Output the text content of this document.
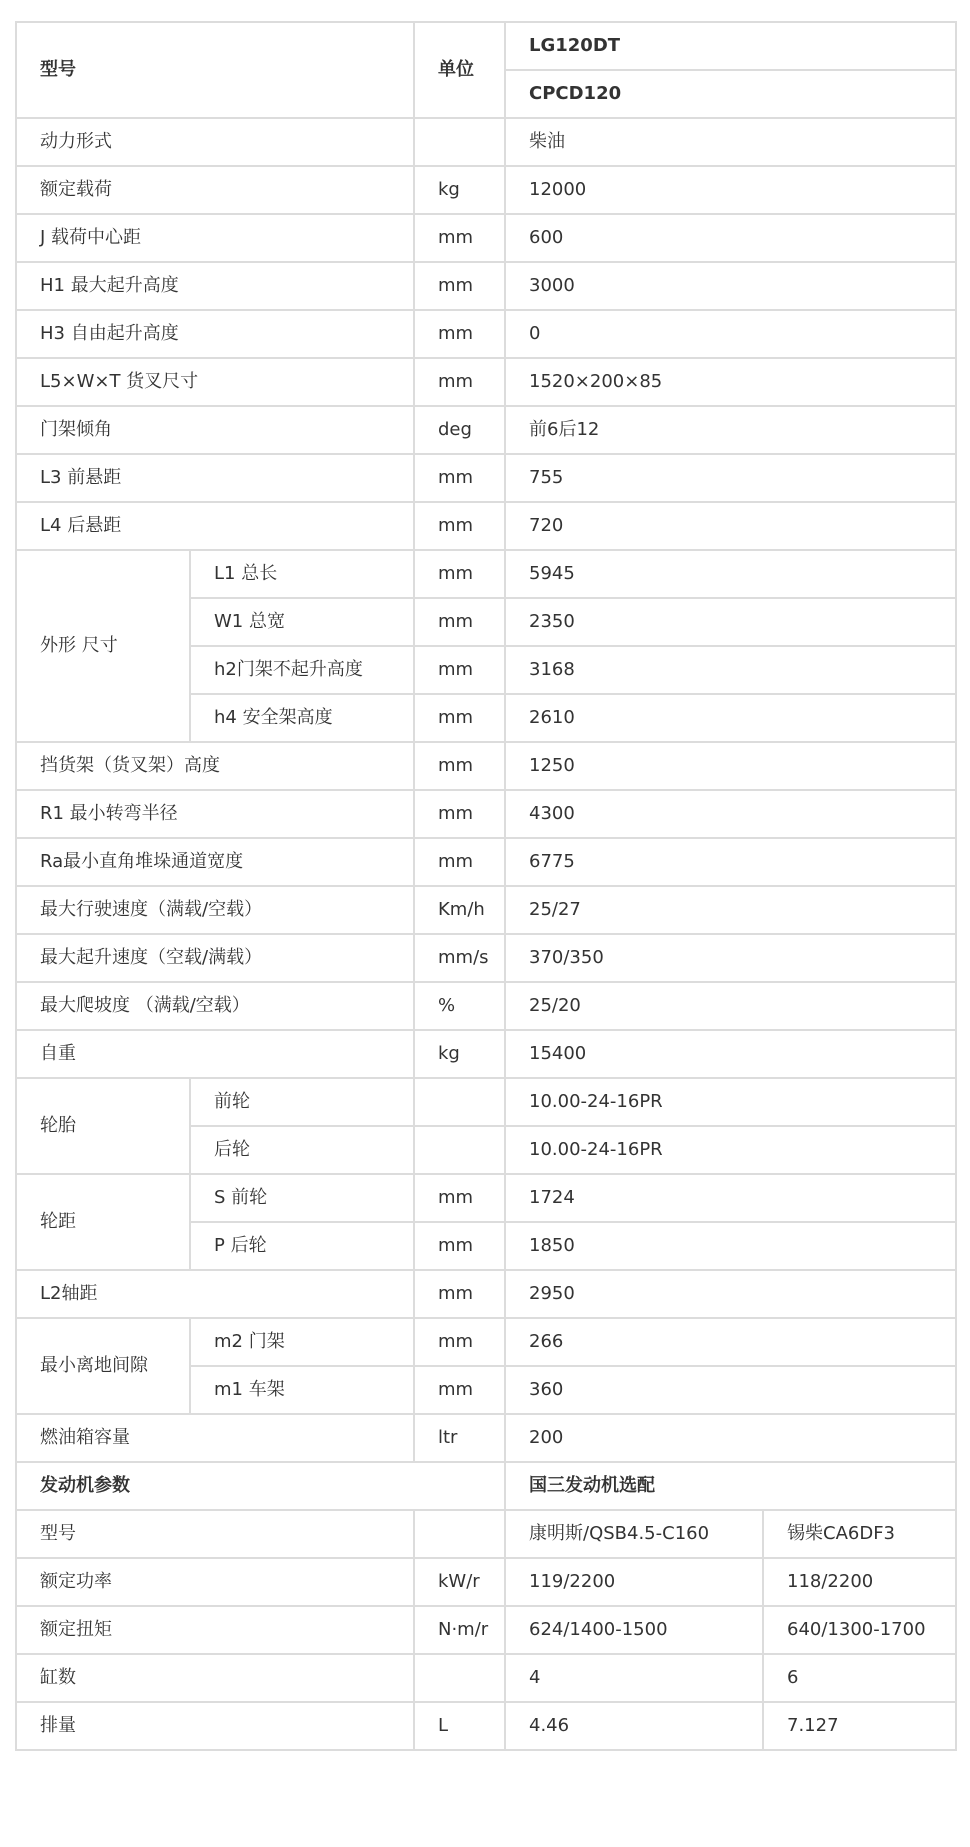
型号		单位	LG120DT	
			CPCD120	
动力形式			柴油	
额定载荷		kg	12000	
J 载荷中心距		mm	600	
H1 最大起升高度		mm	3000	
H3 自由起升高度		mm	0	
L5×W×T 货叉尺寸		mm	1520×200×85	
门架倾角		deg	前6后12	
L3 前悬距		mm	755	
L4 后悬距		mm	720	
外形 尺寸	L1 总长	mm	5945	
	W1 总宽	mm	2350	
	h2门架不起升高度	mm	3168	
	h4 安全架高度	mm	2610	
挡货架（货叉架）高度		mm	1250	
R1 最小转弯半径		mm	4300	
Ra最小直角堆垛通道宽度		mm	6775	
最大行驶速度（满载/空载）		Km/h	25/27	
最大起升速度（空载/满载）		mm/s	370/350	
最大爬坡度 （满载/空载）		%	25/20	
自重		kg	15400	
轮胎	前轮		10.00-24-16PR	
	后轮		10.00-24-16PR	
轮距	S 前轮	mm	1724	
	P 后轮	mm	1850	
L2轴距		mm	2950	
最小离地间隙	m2 门架	mm	266	
	m1 车架	mm	360	
燃油箱容量		ltr	200	
发动机参数			国三发动机选配	
型号			康明斯/QSB4.5-C160	锡柴CA6DF3
额定功率		kW/r	119/2200	118/2200
额定扭矩		N·m/r	624/1400-1500	640/1300-1700
缸数			4	6
排量		L	4.46	7.127
